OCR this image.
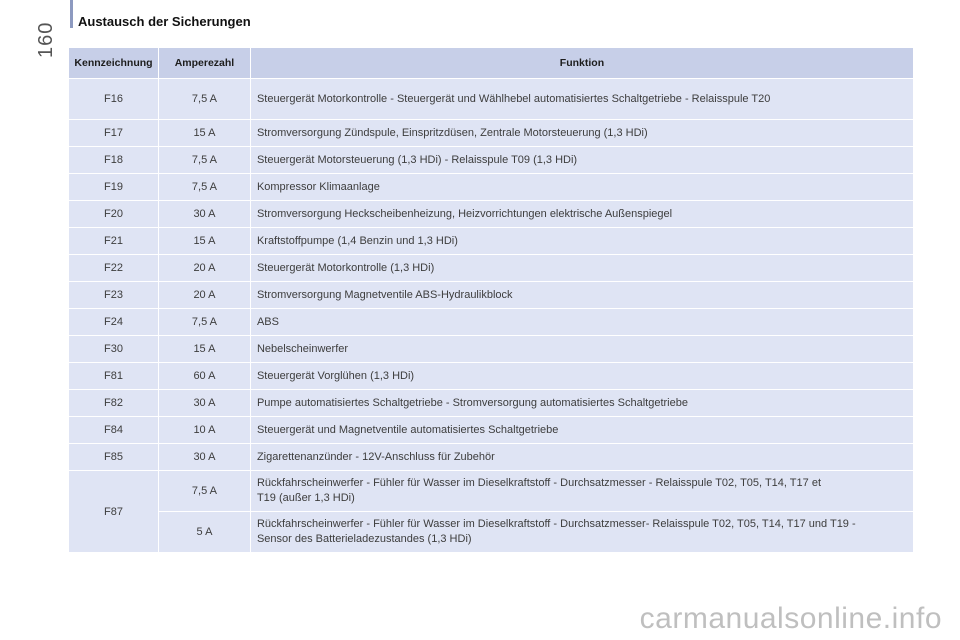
160
Austausch der Sicherungen
Kennzeichnung	Amperezahl	Funktion
F16	7,5 A	Steuergerät Motorkontrolle - Steuergerät und Wählhebel automatisiertes Schaltgetriebe - Relaisspule T20
F17	15 A	Stromversorgung Zündspule, Einspritzdüsen, Zentrale Motorsteuerung (1,3 HDi)
F18	7,5 A	Steuergerät Motorsteuerung (1,3 HDi) - Relaisspule T09 (1,3 HDi)
F19	7,5 A	Kompressor Klimaanlage
F20	30 A	Stromversorgung Heckscheibenheizung, Heizvorrichtungen elektrische Außenspiegel
F21	15 A	Kraftstoffpumpe (1,4 Benzin und 1,3 HDi)
F22	20 A	Steuergerät Motorkontrolle (1,3 HDi)
F23	20 A	Stromversorgung Magnetventile ABS-Hydraulikblock
F24	7,5 A	ABS
F30	15 A	Nebelscheinwerfer
F81	60 A	Steuergerät Vorglühen (1,3 HDi)
F82	30 A	Pumpe automatisiertes Schaltgetriebe - Stromversorgung automatisiertes Schaltgetriebe
F84	10 A	Steuergerät und Magnetventile automatisiertes Schaltgetriebe
F85	30 A	Zigarettenanzünder - 12V-Anschluss für Zubehör
F87	7,5 A	Rückfahrscheinwerfer - Fühler für Wasser im Dieselkraftstoff - Durchsatzmesser - Relaisspule T02, T05, T14, T17 et
T19 (außer 1,3 HDi)
	5 A	Rückfahrscheinwerfer - Fühler für Wasser im Dieselkraftstoff - Durchsatzmesser- Relaisspule T02, T05, T14, T17 und T19 -
Sensor des Batterieladezustandes (1,3 HDi)
carmanualsonline.info
